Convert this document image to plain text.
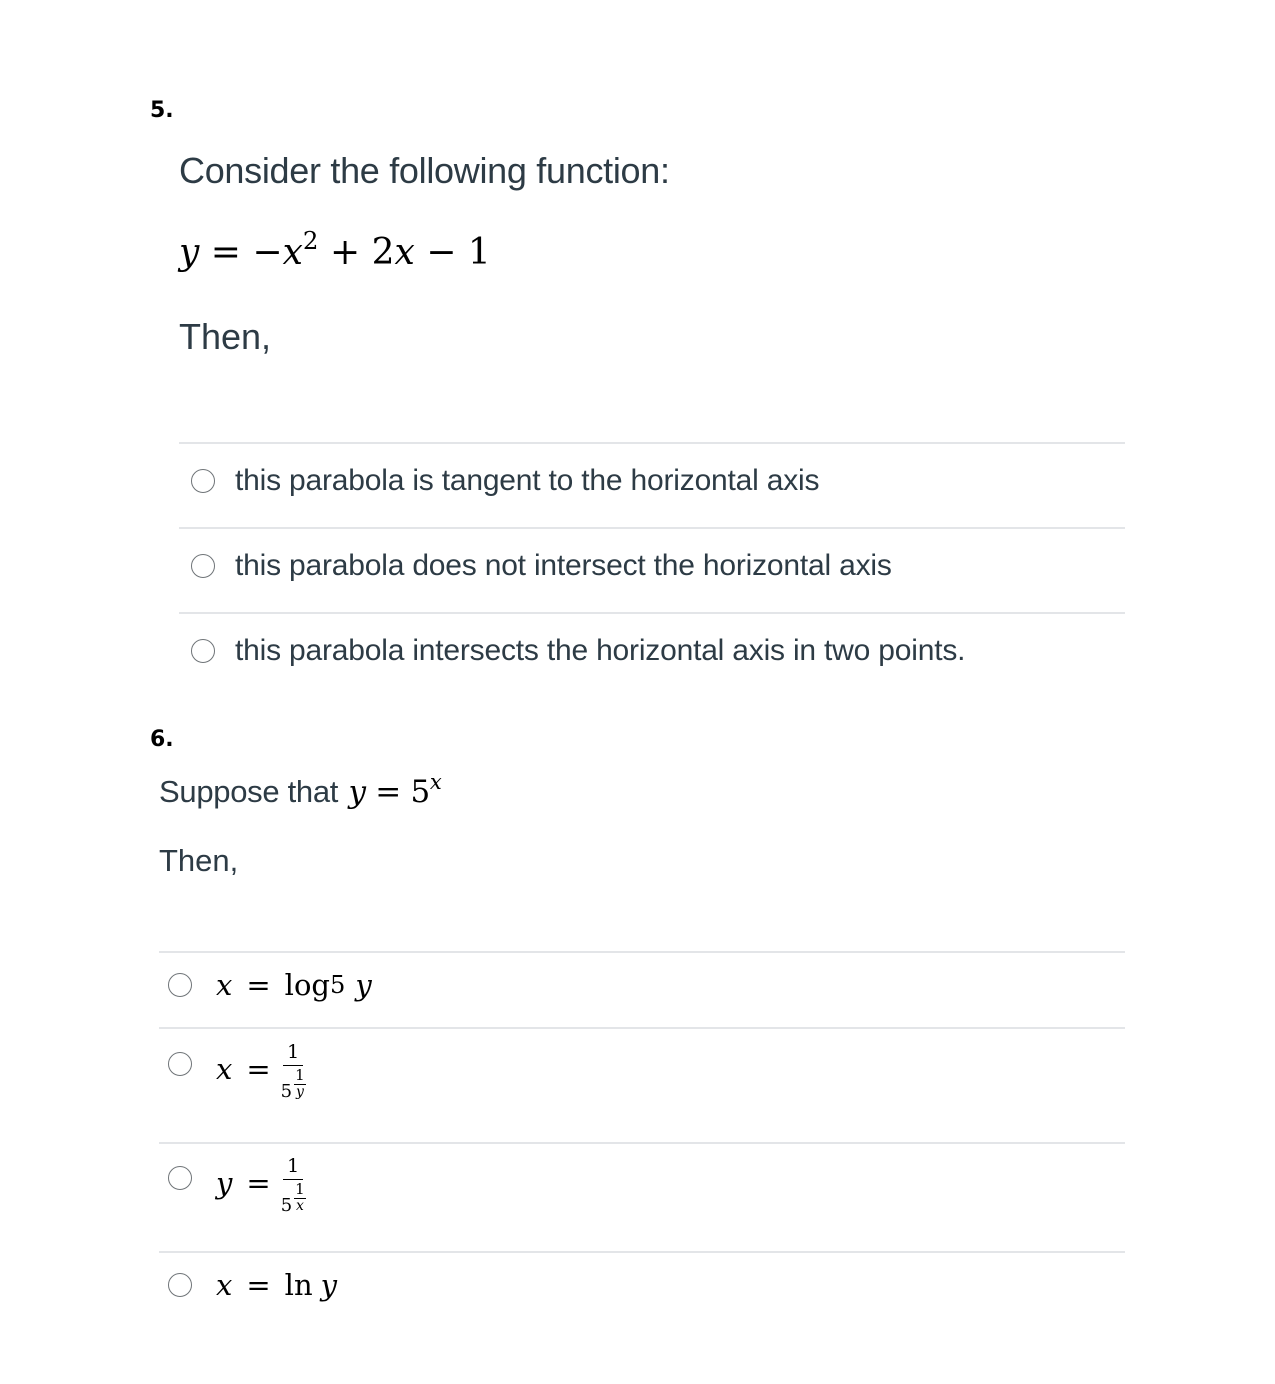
5.
Consider the following function:
$y = -x^2 + 2x - 1$
Then,
this parabola is tangent to the horizontal axis
this parabola does not intersect the horizontal axis
this parabola intersects the horizontal axis in two points.
6.
Suppose that $y = 5^x$
Then,
x = log 5 y
$x = \frac{1}{5 \frac{1}{y}}$
$y = \frac{1}{5 \frac{1}{x}}$
x = ln y
